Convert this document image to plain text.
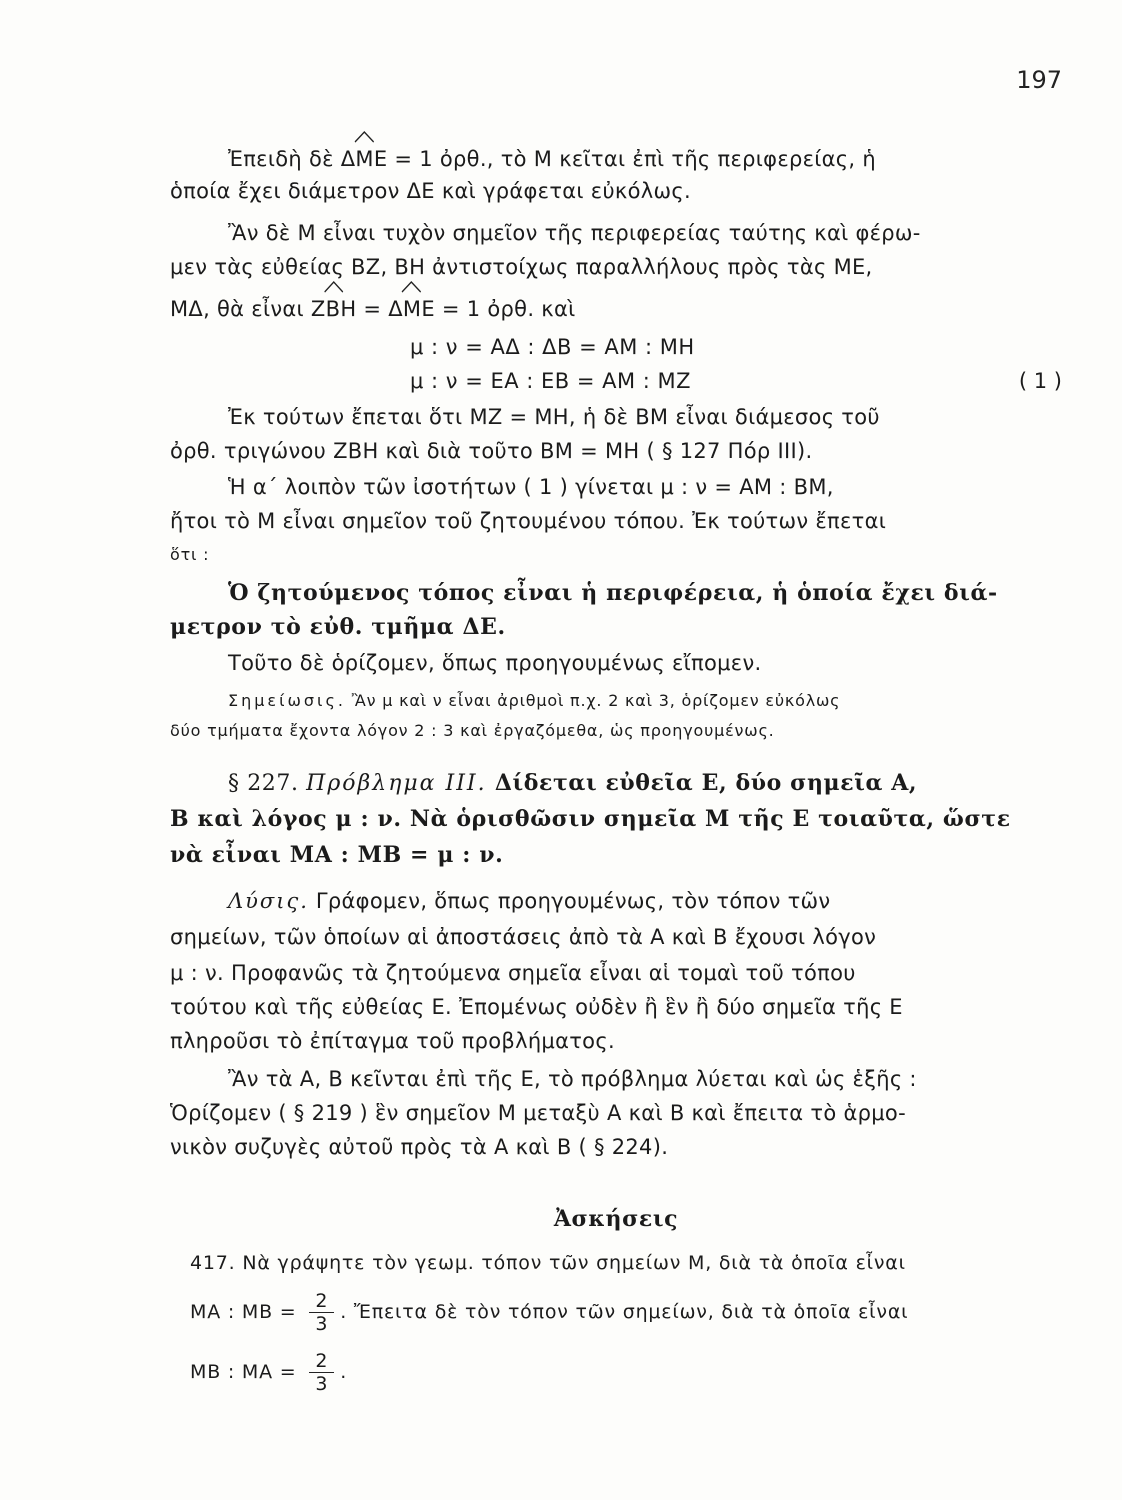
197
Ἐπειδὴ δὲ
ΔΜΕ = 1 ὀρθ., τὸ Μ κεῖται ἐπὶ τῆς περιφερείας, ἡ
ὁποία ἔχει διάμετρον ΔΕ καὶ γράφεται εὐκόλως.
Ἂν δὲ Μ εἶναι τυχὸν σημεῖον τῆς περιφερείας ταύτης καὶ φέρω-
μεν τὰς εὐθείας ΒΖ, ΒΗ ἀντιστοίχως παραλλήλους πρὸς τὰς ΜΕ,
ΜΔ, θὰ εἶναι
ΖΒΗ =
ΔΜΕ = 1 ὀρθ. καὶ
μ : ν = ΑΔ : ΔΒ = ΑΜ : ΜΗ
μ : ν = ΕΑ : ΕΒ = ΑΜ : ΜΖ	( 1 )
Ἐκ τούτων ἔπεται ὅτι ΜΖ = ΜΗ, ἡ δὲ ΒΜ εἶναι διάμεσος τοῦ
ὀρθ. τριγώνου ΖΒΗ καὶ διὰ τοῦτο ΒΜ = ΜΗ ( § 127 Πόρ ΙΙΙ).
Ἡ α΄ λοιπὸν τῶν ἰσοτήτων ( 1 ) γίνεται μ : ν = ΑΜ : ΒΜ,
ἤτοι τὸ Μ εἶναι σημεῖον τοῦ ζητουμένου τόπου. Ἐκ τούτων ἔπεται
ὅτι :
Ὁ ζητούμενος τόπος εἶναι ἡ περιφέρεια, ἡ ὁποία ἔχει διά-
μετρον τὸ εὐθ. τμῆμα ΔΕ.
Τοῦτο δὲ ὁρίζομεν, ὅπως προηγουμένως εἴπομεν.
Σημείωσις. Ἂν μ καὶ ν εἶναι ἀριθμοὶ π.χ. 2 καὶ 3, ὁρίζομεν εὐκόλως
δύο τμήματα ἔχοντα λόγον 2 : 3 καὶ ἐργαζόμεθα, ὡς προηγουμένως.
§ 227. Πρόβλημα ΙΙΙ. Δίδεται εὐθεῖα Ε, δύο σημεῖα Α,
Β καὶ λόγος μ : ν. Νὰ ὁρισθῶσιν σημεῖα Μ τῆς Ε τοιαῦτα, ὥστε
νὰ εἶναι ΜΑ : ΜΒ = μ : ν.
Λύσις. Γράφομεν, ὅπως προηγουμένως, τὸν τόπον τῶν
σημείων, τῶν ὁποίων αἱ ἀποστάσεις ἀπὸ τὰ Α καὶ Β ἔχουσι λόγον
μ : ν. Προφανῶς τὰ ζητούμενα σημεῖα εἶναι αἱ τομαὶ τοῦ τόπου
τούτου καὶ τῆς εὐθείας Ε. Ἐπομένως οὐδὲν ἢ ἓν ἢ δύο σημεῖα τῆς Ε
πληροῦσι τὸ ἐπίταγμα τοῦ προβλήματος.
Ἂν τὰ Α, Β κεῖνται ἐπὶ τῆς Ε, τὸ πρόβλημα λύεται καὶ ὡς ἑξῆς :
Ὁρίζομεν ( § 219 ) ἓν σημεῖον Μ μεταξὺ Α καὶ Β καὶ ἔπειτα τὸ ἁρμο-
νικὸν συζυγὲς αὐτοῦ πρὸς τὰ Α καὶ Β ( § 224).
Ἀσκήσεις
417. Νὰ γράψητε τὸν γεωμ. τόπον τῶν σημείων Μ, διὰ τὰ ὁποῖα εἶναι
ΜΑ : $MB = \frac{2}{3}$ . Ἔπειτα δὲ τὸν τόπον τῶν σημείων, διὰ τὰ ὁποῖα εἶναι
ΜΒ : $MA = \frac{2}{3}$ .
